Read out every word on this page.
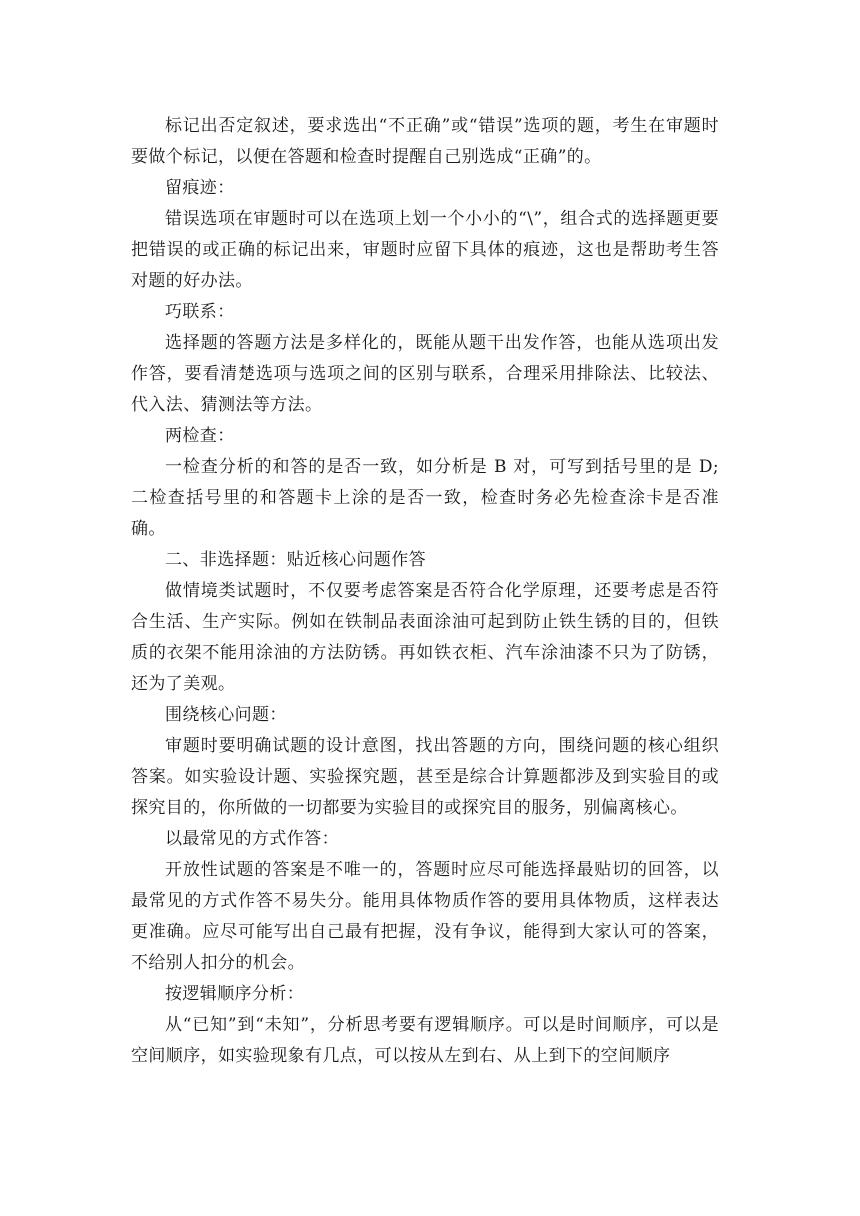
标记出否定叙述，要求选出“不正确”或“错误”选项的题，考生在审题时要做个标记，以便在答题和检查时提醒自己别选成“正确”的。

留痕迹：

错误选项在审题时可以在选项上划一个小小的“\”，组合式的选择题更要把错误的或正确的标记出来，审题时应留下具体的痕迹，这也是帮助考生答对题的好办法。

巧联系：

选择题的答题方法是多样化的，既能从题干出发作答，也能从选项出发作答，要看清楚选项与选项之间的区别与联系，合理采用排除法、比较法、代入法、猜测法等方法。

两检查：

一检查分析的和答的是否一致，如分析是 B 对，可写到括号里的是 D;二检查括号里的和答题卡上涂的是否一致，检查时务必先检查涂卡是否准确。

二、非选择题：贴近核心问题作答

做情境类试题时，不仅要考虑答案是否符合化学原理，还要考虑是否符合生活、生产实际。例如在铁制品表面涂油可起到防止铁生锈的目的，但铁质的衣架不能用涂油的方法防锈。再如铁衣柜、汽车涂油漆不只为了防锈，还为了美观。

围绕核心问题：

审题时要明确试题的设计意图，找出答题的方向，围绕问题的核心组织答案。如实验设计题、实验探究题，甚至是综合计算题都涉及到实验目的或探究目的，你所做的一切都要为实验目的或探究目的服务，别偏离核心。

以最常见的方式作答：

开放性试题的答案是不唯一的，答题时应尽可能选择最贴切的回答，以最常见的方式作答不易失分。能用具体物质作答的要用具体物质，这样表达更准确。应尽可能写出自己最有把握，没有争议，能得到大家认可的答案，不给别人扣分的机会。

按逻辑顺序分析：

从“已知”到“未知”，分析思考要有逻辑顺序。可以是时间顺序，可以是空间顺序，如实验现象有几点，可以按从左到右、从上到下的空间顺序
